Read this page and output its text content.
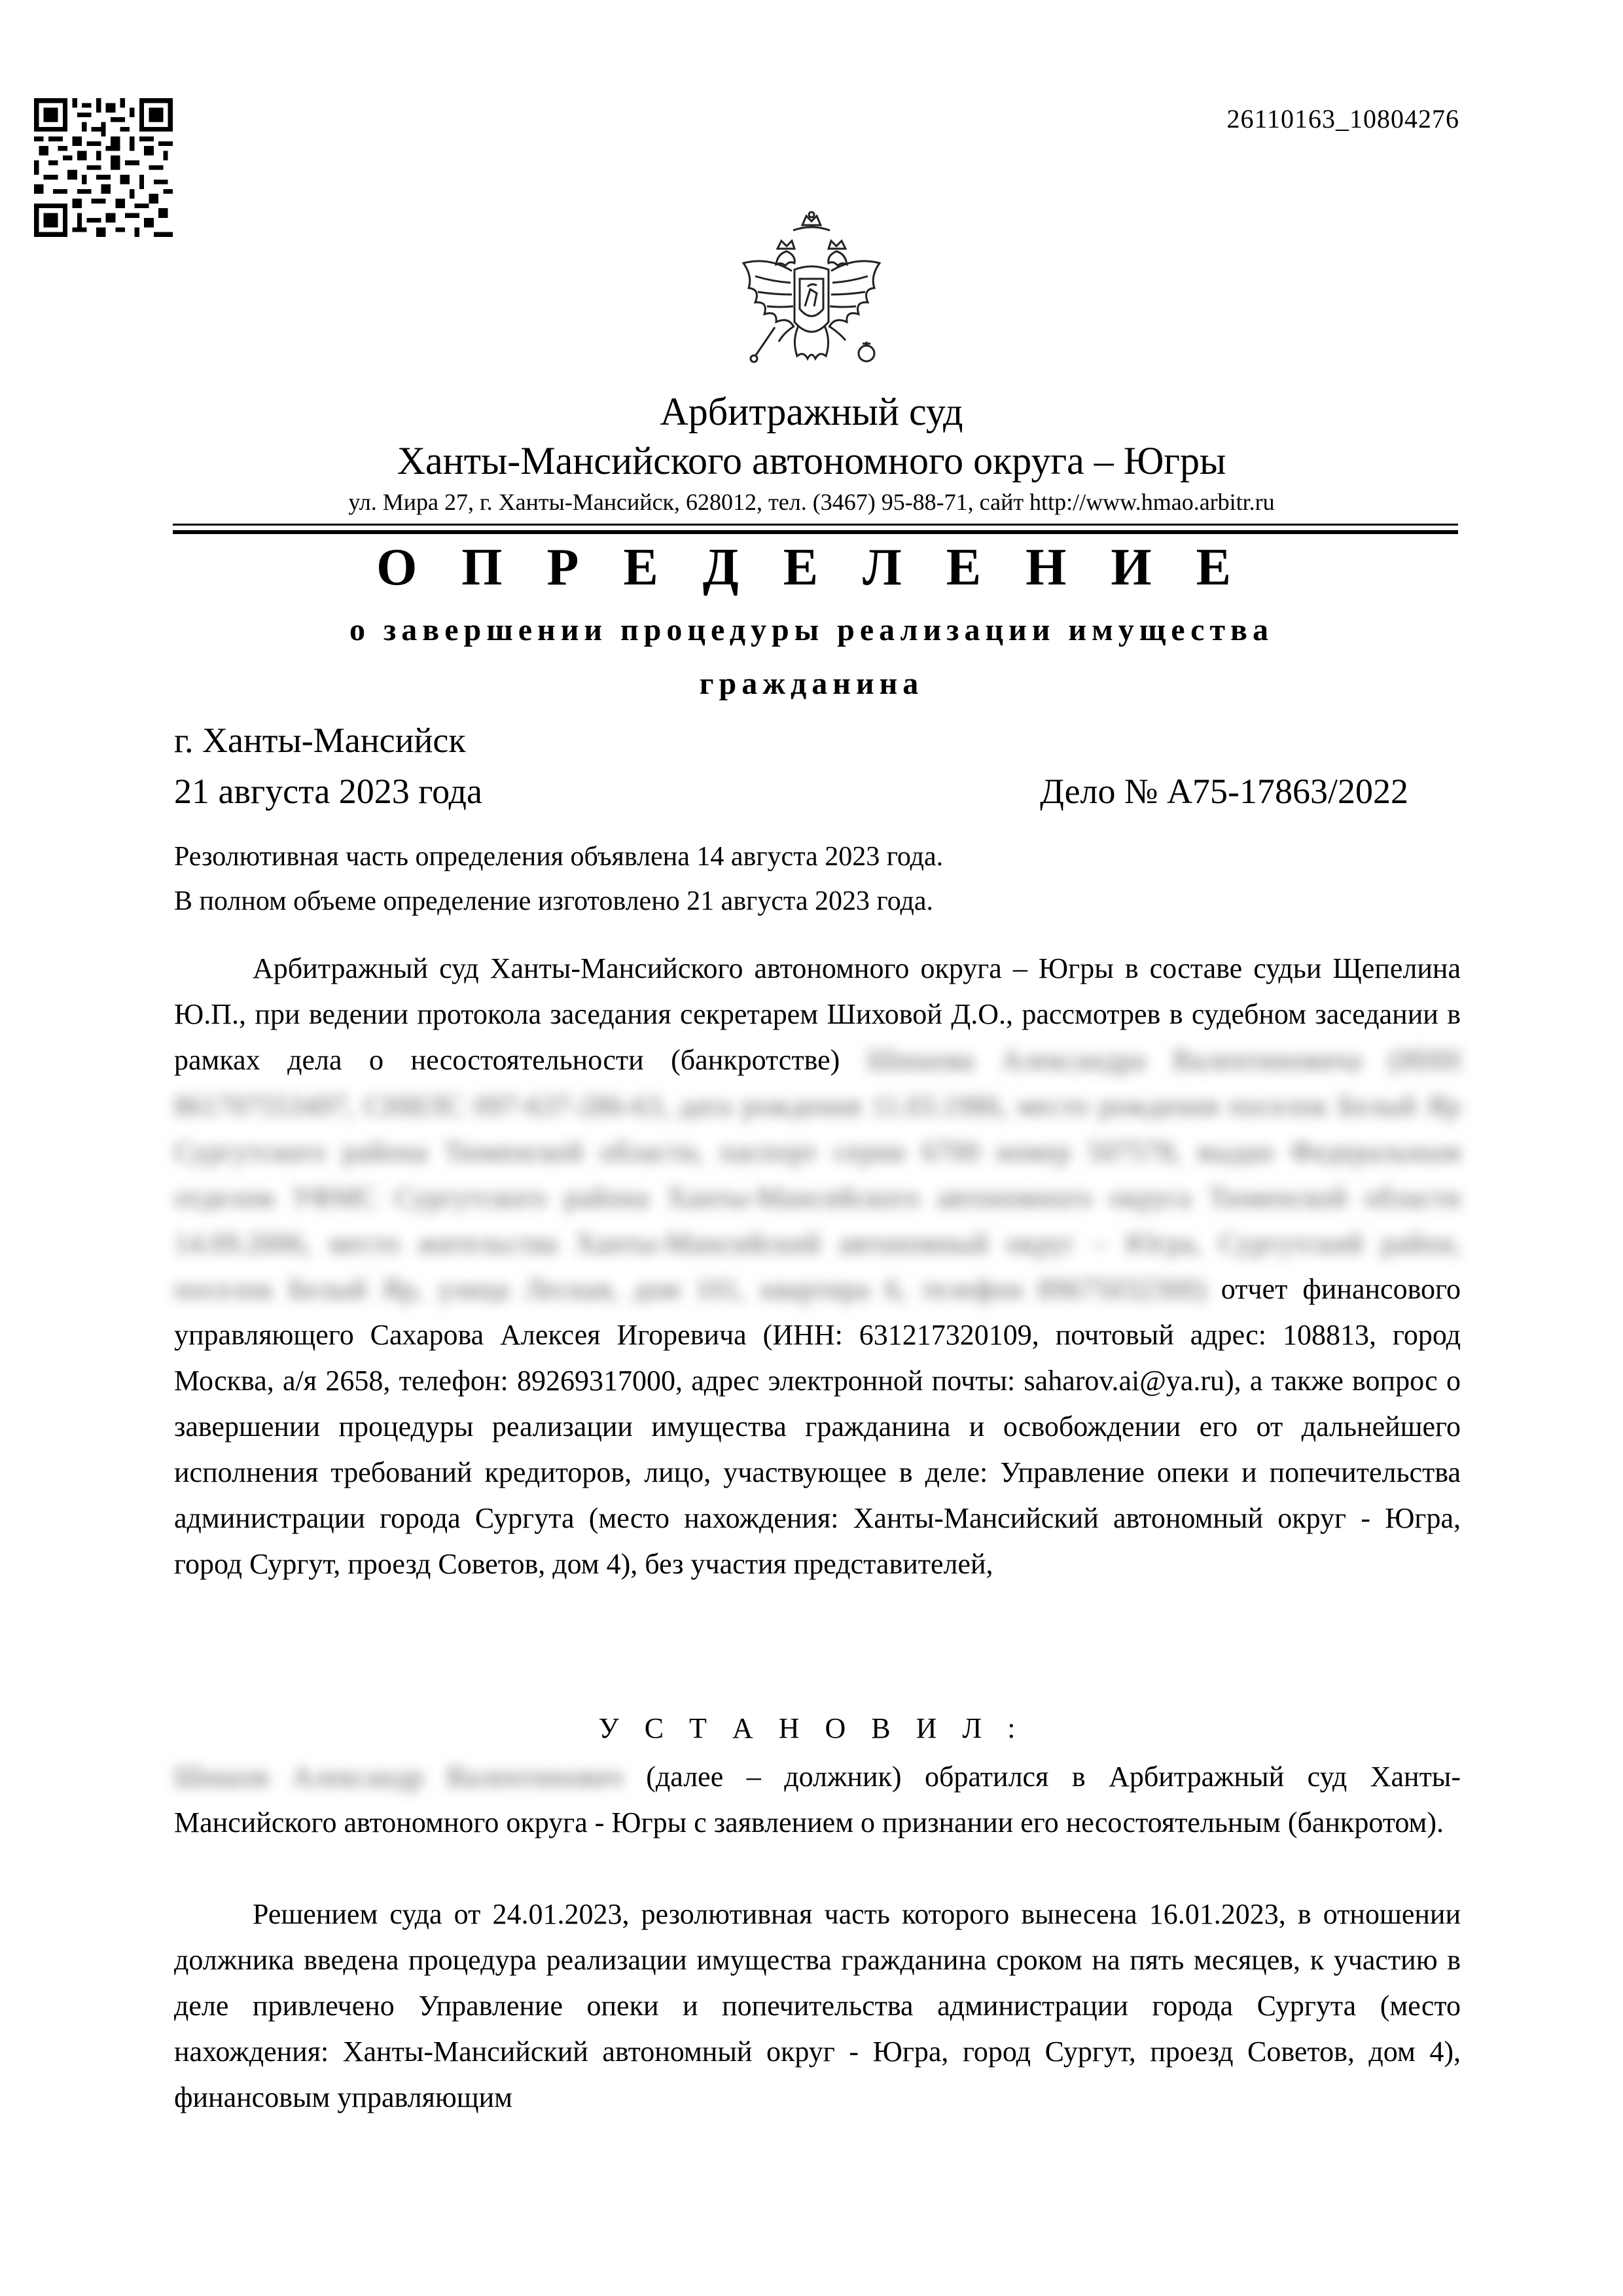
26110163_10804276
Арбитражный суд
Ханты-Мансийского автономного округа – Югры
ул. Мира 27, г. Ханты-Мансийск, 628012, тел. (3467) 95-88-71, сайт http://www.hmao.arbitr.ru
О П Р Е Д Е Л Е Н И Е
о завершении процедуры реализации имущества
гражданина
г. Ханты-Мансийск
21 августа 2023 года	Дело № А75-17863/2022
Резолютивная часть определения объявлена 14 августа 2023 года.
В полном объеме определение изготовлено 21 августа 2023 года.

Арбитражный суд Ханты-Мансийского автономного округа – Югры в составе судьи Щепелина Ю.П., при ведении протокола заседания секретарем Шиховой Д.О., рассмотрев в судебном заседании в рамках дела о несостоятельности (банкротстве) Шишова Александра Валентиновича (ИНН 861707553497, СНИЛС 097-637-286-63, дата рождения 11.03.1986, место рождения поселок Белый Яр Сургутского района Тюменской области, паспорт серии 6700 номер 507578, выдан Федеральным отделом УФМС Сургутского района Ханты-Мансийского автономного округа Тюменской области 14.09.2006, место жительства Ханты-Мансийский автономный округ – Югра, Сургутский район, поселок Белый Яр, улица Лесная, дом 101, квартира 6, телефон 89675032300) отчет финансового управляющего Сахарова Алексея Игоревича (ИНН: 631217320109, почтовый адрес: 108813, город Москва, а/я 2658, телефон: 89269317000, адрес электронной почты: saharov.ai@ya.ru), а также вопрос о завершении процедуры реализации имущества гражданина и освобождении его от дальнейшего исполнения требований кредиторов, лицо, участвующее в деле: Управление опеки и попечительства администрации города Сургута (место нахождения: Ханты-Мансийский автономный округ - Югра, город Сургут, проезд Советов, дом 4), без участия представителей,

У С Т А Н О В И Л :

Шишов Александр Валентинович (далее – должник) обратился в Арбитражный суд Ханты-Мансийского автономного округа - Югры с заявлением о признании его несостоятельным (банкротом).

Решением суда от 24.01.2023, резолютивная часть которого вынесена 16.01.2023, в отношении должника введена процедура реализации имущества гражданина сроком на пять месяцев, к участию в деле привлечено Управление опеки и попечительства администрации города Сургута (место нахождения: Ханты-Мансийский автономный округ - Югра, город Сургут, проезд Советов, дом 4), финансовым управляющим
